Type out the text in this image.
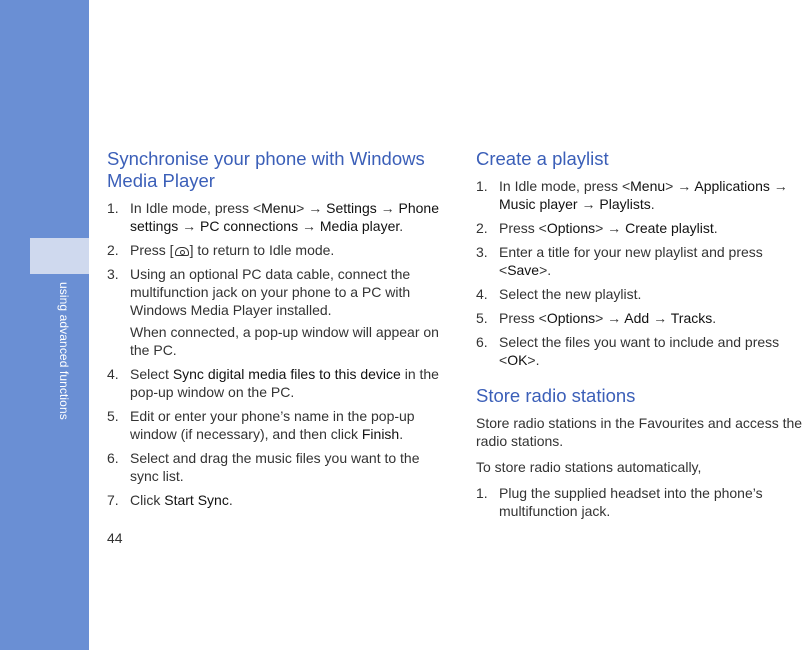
using advanced functions
Synchronise your phone with Windows Media Player
1. In Idle mode, press <Menu> → Settings → Phone settings → PC connections → Media player.
2. Press [ ] to return to Idle mode.
3. Using an optional PC data cable, connect the multifunction jack on your phone to a PC with Windows Media Player installed.
When connected, a pop-up window will appear on the PC.
4. Select Sync digital media files to this device in the pop-up window on the PC.
5. Edit or enter your phone’s name in the pop-up window (if necessary), and then click Finish.
6. Select and drag the music files you want to the sync list.
7. Click Start Sync.
Create a playlist
1. In Idle mode, press <Menu> → Applications → Music player → Playlists.
2. Press <Options> → Create playlist.
3. Enter a title for your new playlist and press <Save>.
4. Select the new playlist.
5. Press <Options> → Add → Tracks.
6. Select the files you want to include and press <OK>.
Store radio stations

Store radio stations in the Favourites and access the radio stations.

To store radio stations automatically,

1. Plug the supplied headset into the phone’s multifunction jack.
44
